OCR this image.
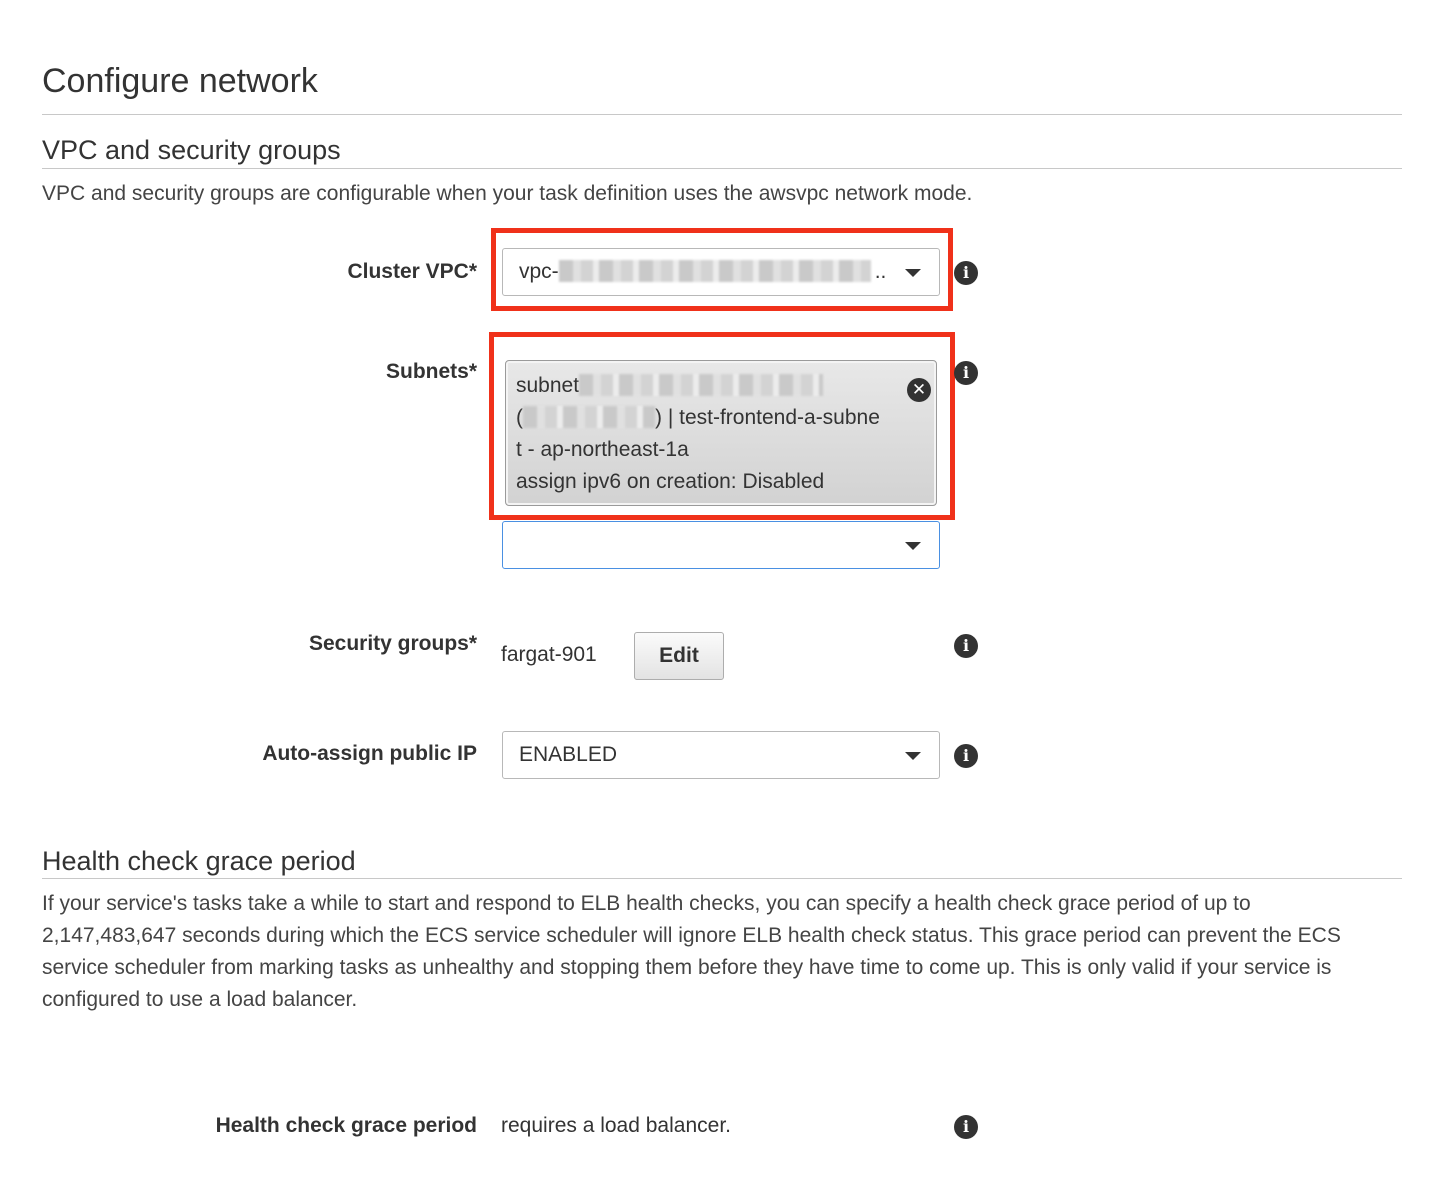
Configure network
VPC and security groups
VPC and security groups are configurable when your task definition uses the awsvpc network mode.
Cluster VPC* vpc-	..	i
Subnets*
subnet
(	) | test-frontend-a-subne
t - ap-northeast-1a
assign ipv6 on creation: Disabled
✕
i
Security groups* fargat-901	Edit	i
Auto-assign public IP ENABLED	i
Health check grace period
If your service's tasks take a while to start and respond to ELB health checks, you can specify a health check grace period of up to 2,147,483,647 seconds during which the ECS service scheduler will ignore ELB health check status. This grace period can prevent the ECS service scheduler from marking tasks as unhealthy and stopping them before they have time to come up. This is only valid if your service is configured to use a load balancer.
Health check grace period requires a load balancer.	i
